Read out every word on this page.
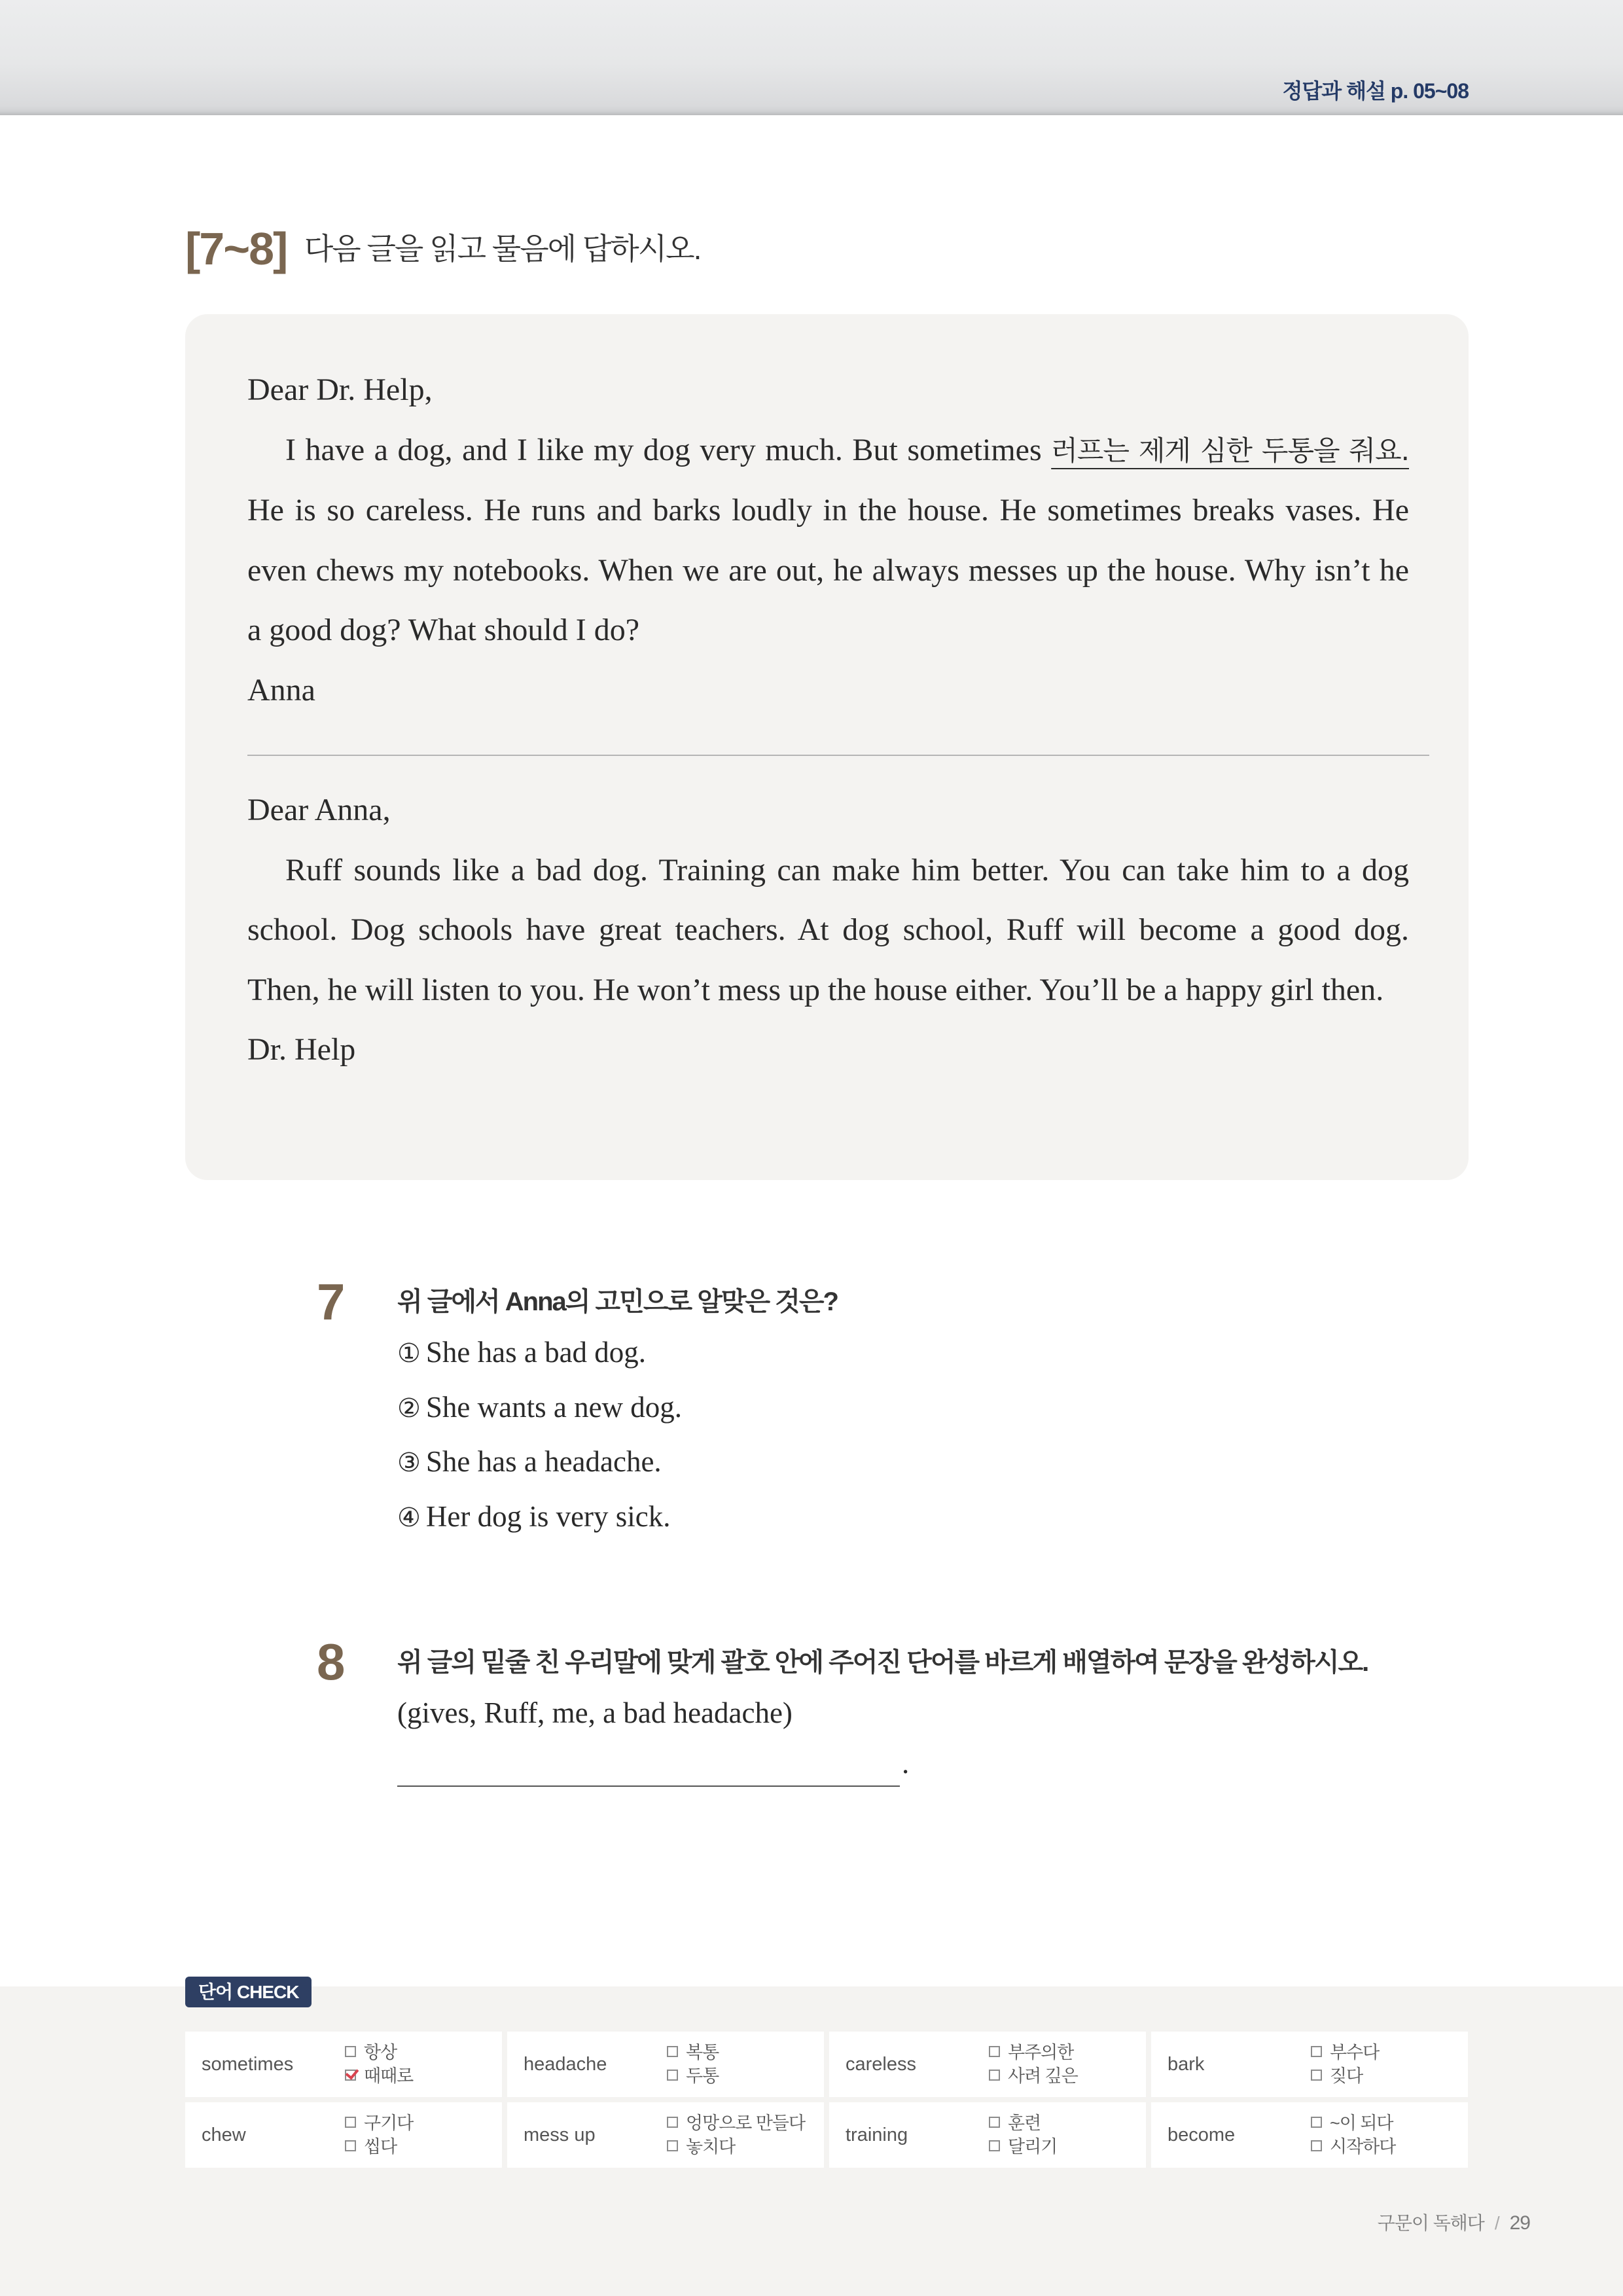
정답과 해설 p. 05~08
[7~8] 다음 글을 읽고 물음에 답하시오.

Dear Dr. Help,

I have a dog, and I like my dog very much. But sometimes 러프는 제게 심한 두통을 줘요. He is so careless. He runs and barks loudly in the house. He sometimes breaks vases. He even chews my notebooks. When we are out, he always messes up the house. Why isn’t he a good dog? What should I do?

Anna

Dear Anna,

Ruff sounds like a bad dog. Training can make him better. You can take him to a dog school. Dog schools have great teachers. At dog school, Ruff will become a good dog. Then, he will listen to you. He won’t mess up the house either. You’ll be a happy girl then.

Dr. Help

7 위 글에서 Anna의 고민으로 알맞은 것은?
① She has a bad dog.
② She wants a new dog.
③ She has a headache.
④ Her dog is very sick.
8 위 글의 밑줄 친 우리말에 맞게 괄호 안에 주어진 단어를 바르게 배열하여 문장을 완성하시오.
(gives, Ruff, me, a bad headache)
.
단어 CHECK
sometimes
항상
때때로
headache
복통
두통
careless
부주의한
사려 깊은
bark
부수다
짖다
chew
구기다
씹다
mess up
엉망으로 만들다
놓치다
training
훈련
달리기
become
~이 되다
시작하다
구문이 독해다 / 29
